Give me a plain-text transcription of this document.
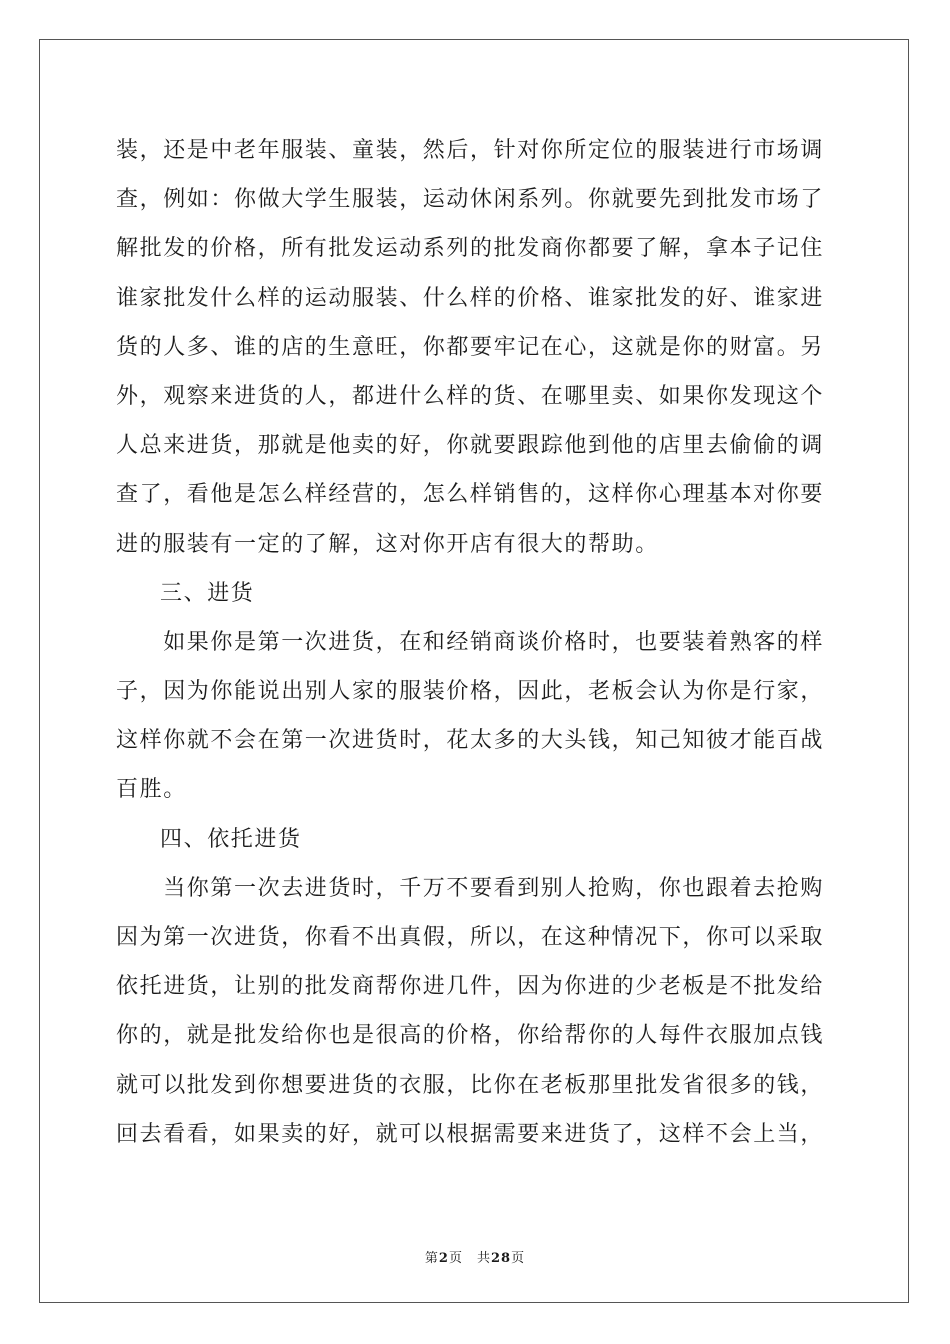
装，还是中老年服装、童装，然后，针对你所定位的服装进行市场调
查，例如：你做大学生服装，运动休闲系列。你就要先到批发市场了
解批发的价格，所有批发运动系列的批发商你都要了解，拿本子记住
谁家批发什么样的运动服装、什么样的价格、谁家批发的好、谁家进
货的人多、谁的店的生意旺，你都要牢记在心，这就是你的财富。另
外，观察来进货的人，都进什么样的货、在哪里卖、如果你发现这个
人总来进货，那就是他卖的好，你就要跟踪他到他的店里去偷偷的调
查了，看他是怎么样经营的，怎么样销售的，这样你心理基本对你要
进的服装有一定的了解，这对你开店有很大的帮助。
三、进货
　　如果你是第一次进货，在和经销商谈价格时，也要装着熟客的样
子，因为你能说出别人家的服装价格，因此，老板会认为你是行家，
这样你就不会在第一次进货时，花太多的大头钱，知己知彼才能百战
百胜。
四、依托进货
　　当你第一次去进货时，千万不要看到别人抢购，你也跟着去抢购
因为第一次进货，你看不出真假，所以，在这种情况下，你可以采取
依托进货，让别的批发商帮你进几件，因为你进的少老板是不批发给
你的，就是批发给你也是很高的价格，你给帮你的人每件衣服加点钱
就可以批发到你想要进货的衣服，比你在老板那里批发省很多的钱，
回去看看，如果卖的好，就可以根据需要来进货了，这样不会上当，
第2页 共28页
